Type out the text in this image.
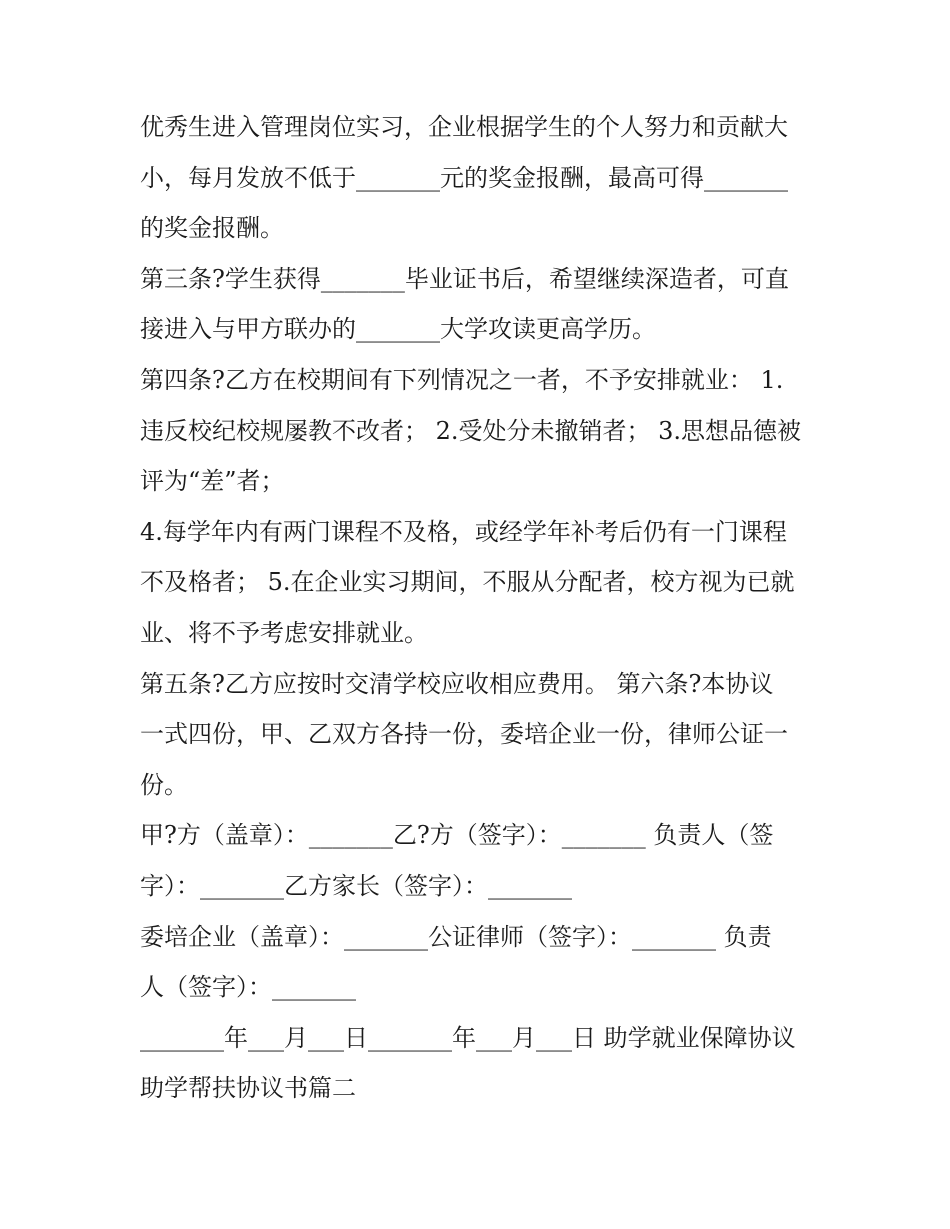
优秀生进入管理岗位实习，企业根据学生的个人努力和贡献大
小，每月发放不低于_______元的奖金报酬，最高可得_______
的奖金报酬。
第三条?学生获得_______毕业证书后，希望继续深造者，可直
接进入与甲方联办的_______大学攻读更高学历。
第四条?乙方在校期间有下列情况之一者，不予安排就业： 1.
违反校纪校规屡教不改者； 2.受处分未撤销者； 3.思想品德被
评为“差”者；
4.每学年内有两门课程不及格，或经学年补考后仍有一门课程
不及格者； 5.在企业实习期间，不服从分配者，校方视为已就
业、将不予考虑安排就业。
第五条?乙方应按时交清学校应收相应费用。 第六条?本协议
一式四份，甲、乙双方各持一份，委培企业一份，律师公证一
份。
甲?方（盖章）：_______乙?方（签字）：_______ 负责人（签
字）：_______乙方家长（签字）：_______
委培企业（盖章）：_______公证律师（签字）：_______ 负责
人（签字）：_______
_______年___月___日_______年___月___日 助学就业保障协议
助学帮扶协议书篇二
